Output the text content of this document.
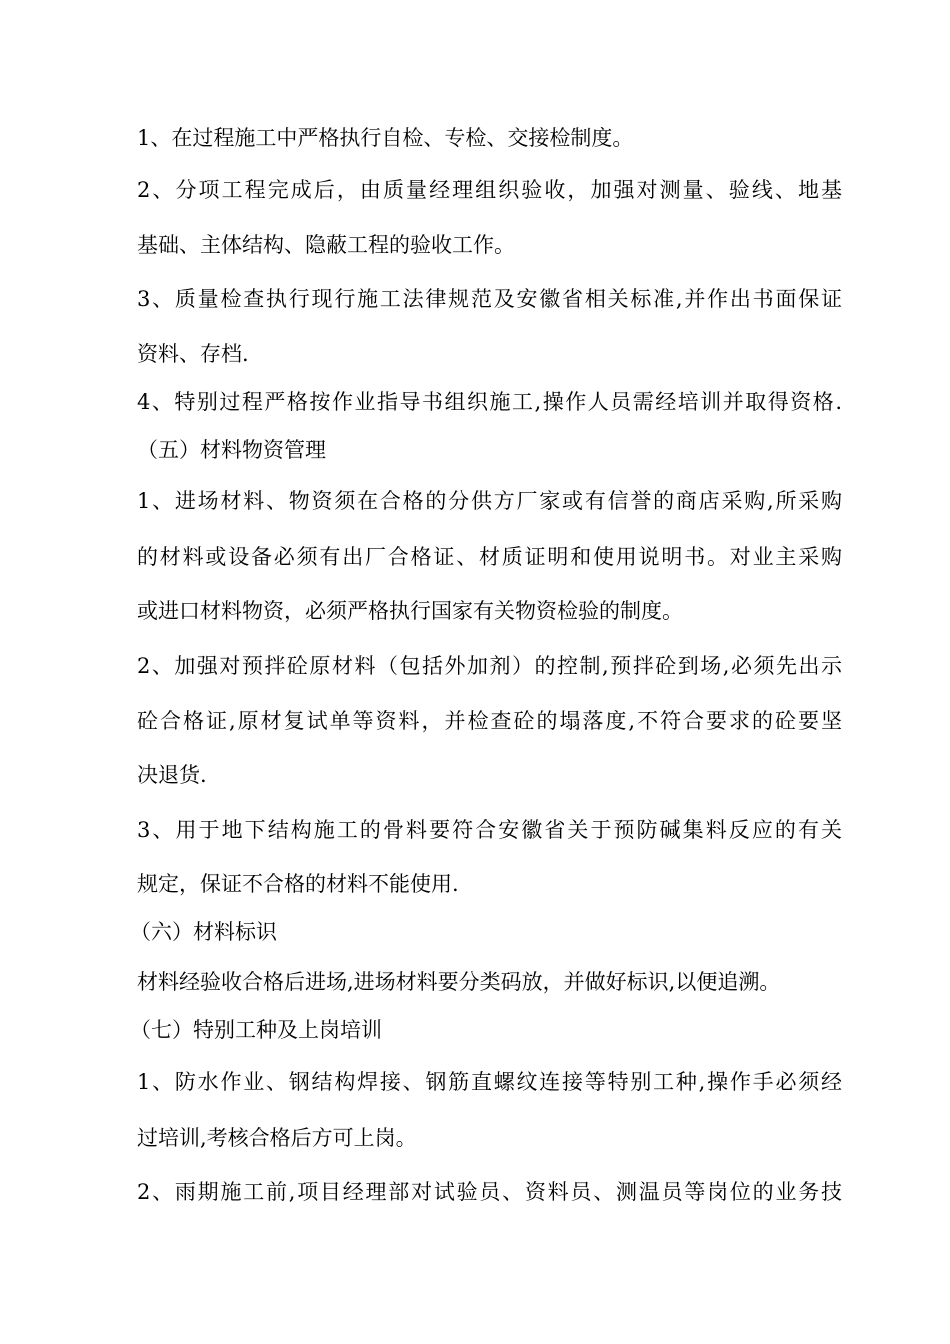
1、在过程施工中严格执行自检、专检、交接检制度。

2、分项工程完成后，由质量经理组织验收，加强对测量、验线、地基

基础、主体结构、隐蔽工程的验收工作。

3、质量检查执行现行施工法律规范及安徽省相关标准,并作出书面保证

资料、存档.

4、特别过程严格按作业指导书组织施工,操作人员需经培训并取得资格.

（五）材料物资管理

1、进场材料、物资须在合格的分供方厂家或有信誉的商店采购,所采购

的材料或设备必须有出厂合格证、材质证明和使用说明书。对业主采购

或进口材料物资，必须严格执行国家有关物资检验的制度。

2、加强对预拌砼原材料（包括外加剂）的控制,预拌砼到场,必须先出示

砼合格证,原材复试单等资料，并检查砼的塌落度,不符合要求的砼要坚

决退货.

3、用于地下结构施工的骨料要符合安徽省关于预防碱集料反应的有关

规定，保证不合格的材料不能使用.

（六）材料标识

材料经验收合格后进场,进场材料要分类码放，并做好标识,以便追溯。

（七）特别工种及上岗培训

1、防水作业、钢结构焊接、钢筋直螺纹连接等特别工种,操作手必须经

过培训,考核合格后方可上岗。

2、雨期施工前,项目经理部对试验员、资料员、测温员等岗位的业务技
